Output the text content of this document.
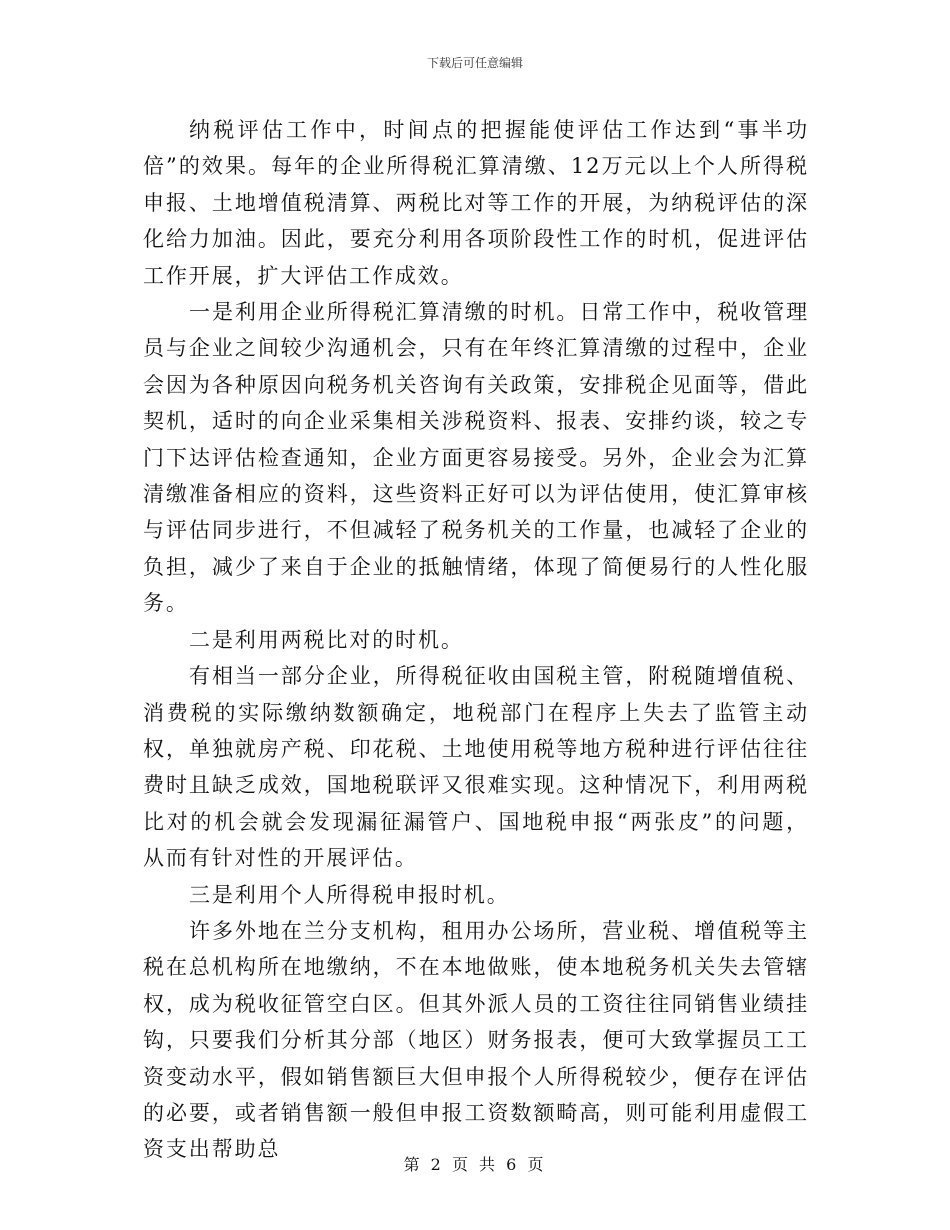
下载后可任意编辑

纳税评估工作中，时间点的把握能使评估工作达到“事半功倍”的效果。每年的企业所得税汇算清缴、12万元以上个人所得税申报、土地增值税清算、两税比对等工作的开展，为纳税评估的深化给力加油。因此，要充分利用各项阶段性工作的时机，促进评估工作开展，扩大评估工作成效。

一是利用企业所得税汇算清缴的时机。日常工作中，税收管理员与企业之间较少沟通机会，只有在年终汇算清缴的过程中，企业会因为各种原因向税务机关咨询有关政策，安排税企见面等，借此契机，适时的向企业采集相关涉税资料、报表、安排约谈，较之专门下达评估检查通知，企业方面更容易接受。另外，企业会为汇算清缴准备相应的资料，这些资料正好可以为评估使用，使汇算审核与评估同步进行，不但减轻了税务机关的工作量，也减轻了企业的负担，减少了来自于企业的抵触情绪，体现了简便易行的人性化服务。

二是利用两税比对的时机。

有相当一部分企业，所得税征收由国税主管，附税随增值税、消费税的实际缴纳数额确定，地税部门在程序上失去了监管主动权，单独就房产税、印花税、土地使用税等地方税种进行评估往往费时且缺乏成效，国地税联评又很难实现。这种情况下，利用两税比对的机会就会发现漏征漏管户、国地税申报“两张皮”的问题，从而有针对性的开展评估。

三是利用个人所得税申报时机。

许多外地在兰分支机构，租用办公场所，营业税、增值税等主税在总机构所在地缴纳，不在本地做账，使本地税务机关失去管辖权，成为税收征管空白区。但其外派人员的工资往往同销售业绩挂钩，只要我们分析其分部（地区）财务报表，便可大致掌握员工工资变动水平，假如销售额巨大但申报个人所得税较少，便存在评估的必要，或者销售额一般但申报工资数额畸高，则可能利用虚假工资支出帮助总

第 2 页 共 6 页
